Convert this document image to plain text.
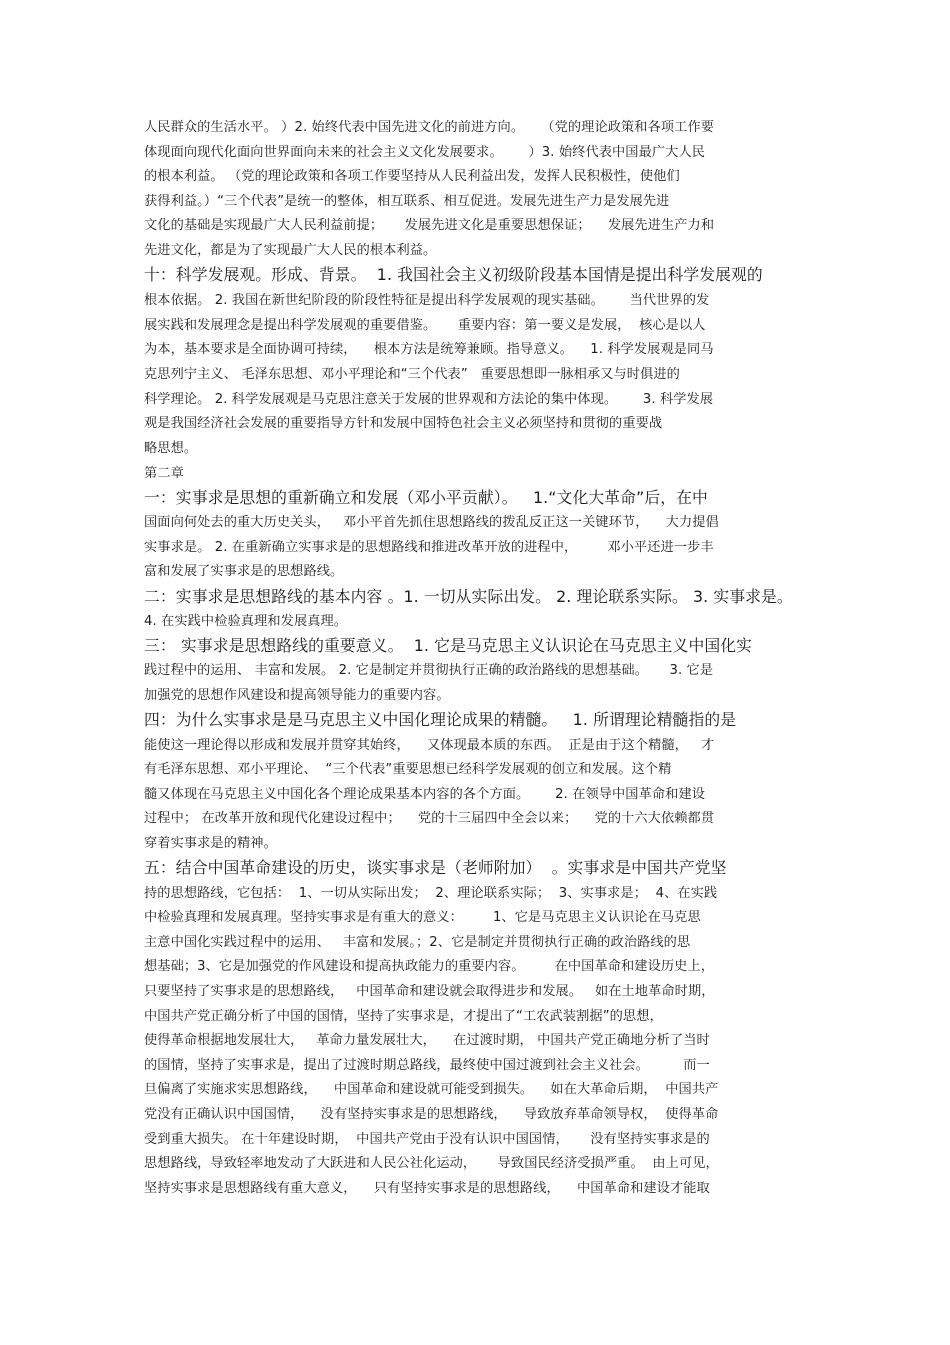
人民群众的生活水平。 ）2. 始终代表中国先进文化的前进方向。    （党的理论政策和各项工作要
体现面向现代化面向世界面向未来的社会主义文化发展要求。      ）3. 始终代表中国最广大人民
的根本利益。 （党的理论政策和各项工作要坚持从人民利益出发，发挥人民积极性，使他们
获得利益。）“三个代表”是统一的整体，相互联系、相互促进。发展先进生产力是发展先进
文化的基础是实现最广大人民利益前提；     发展先进文化是重要思想保证；    发展先进生产力和
先进文化，都是为了实现最广大人民的根本利益。
十：科学发展观。形成、背景。  1. 我国社会主义初级阶段基本国情是提出科学发展观的
根本依据。 2. 我国在新世纪阶段的阶段性特征是提出科学发展观的现实基础。      当代世界的发
展实践和发展理念是提出科学发展观的重要借鉴。     重要内容：第一要义是发展，  核心是以人
为本，基本要求是全面协调可持续，    根本方法是统筹兼顾。指导意义。    1. 科学发展观是同马
克思列宁主义、 毛泽东思想、邓小平理论和“三个代表”   重要思想即一脉相承又与时俱进的
科学理论。 2. 科学发展观是马克思注意关于发展的世界观和方法论的集中体现。      3. 科学发展
观是我国经济社会发展的重要指导方针和发展中国特色社会主义必须坚持和贯彻的重要战
略思想。
第二章
一：实事求是思想的重新确立和发展（邓小平贡献）。   1.“文化大革命”后，在中
国面向何处去的重大历史关头，   邓小平首先抓住思想路线的拨乱反正这一关键环节，    大力提倡
实事求是。 2. 在重新确立实事求是的思想路线和推进改革开放的进程中，       邓小平还进一步丰
富和发展了实事求是的思想路线。
二：实事求是思想路线的基本内容 。1. 一切从实际出发。 2. 理论联系实际。 3. 实事求是。
4. 在实践中检验真理和发展真理。
三： 实事求是思想路线的重要意义。  1. 它是马克思主义认识论在马克思主义中国化实
践过程中的运用、 丰富和发展。 2. 它是制定并贯彻执行正确的政治路线的思想基础。     3. 它是
加强党的思想作风建设和提高领导能力的重要内容。
四：为什么实事求是是马克思主义中国化理论成果的精髓。   1. 所谓理论精髓指的是
能使这一理论得以形成和发展并贯穿其始终，    又体现最本质的东西。  正是由于这个精髓，   才
有毛泽东思想、邓小平理论、  “三个代表”重要思想已经科学发展观的创立和发展。这个精
髓又体现在马克思主义中国化各个理论成果基本内容的各个方面。      2. 在领导中国革命和建设
过程中； 在改革开放和现代化建设过程中；    党的十三届四中全会以来；    党的十六大依赖都贯
穿着实事求是的精神。
五：结合中国革命建设的历史，谈实事求是（老师附加）  。实事求是中国共产党坚
持的思想路线，它包括：  1、一切从实际出发；  2、理论联系实际；  3、实事求是；  4、在实践
中检验真理和发展真理。坚持实事求是有重大的意义：       1、它是马克思主义认识论在马克思
主意中国化实践过程中的运用、   丰富和发展。；2、它是制定并贯彻执行正确的政治路线的思
想基础；3、它是加强党的作风建设和提高执政能力的重要内容。       在中国革命和建设历史上，
只要坚持了实事求是的思想路线，   中国革命和建设就会取得进步和发展。   如在土地革命时期，
中国共产党正确分析了中国的国情，坚持了实事求是，才提出了“工农武装割据”的思想，
使得革命根据地发展壮大，   革命力量发展壮大，    在过渡时期， 中国共产党正确地分析了当时
的国情，坚持了实事求是，提出了过渡时期总路线，最终使中国过渡到社会主义社会。        而一
旦偏离了实施求实思想路线，    中国革命和建设就可能受到损失。    如在大革命后期，  中国共产
党没有正确认识中国国情，    没有坚持实事求是的思想路线，    导致放弃革命领导权，  使得革命
受到重大损失。 在十年建设时期，  中国共产党由于没有认识中国国情，     没有坚持实事求是的
思想路线，导致轻率地发动了大跃进和人民公社化运动，     导致国民经济受损严重。  由上可见，
坚持实事求是思想路线有重大意义，    只有坚持实事求是的思想路线，    中国革命和建设才能取
